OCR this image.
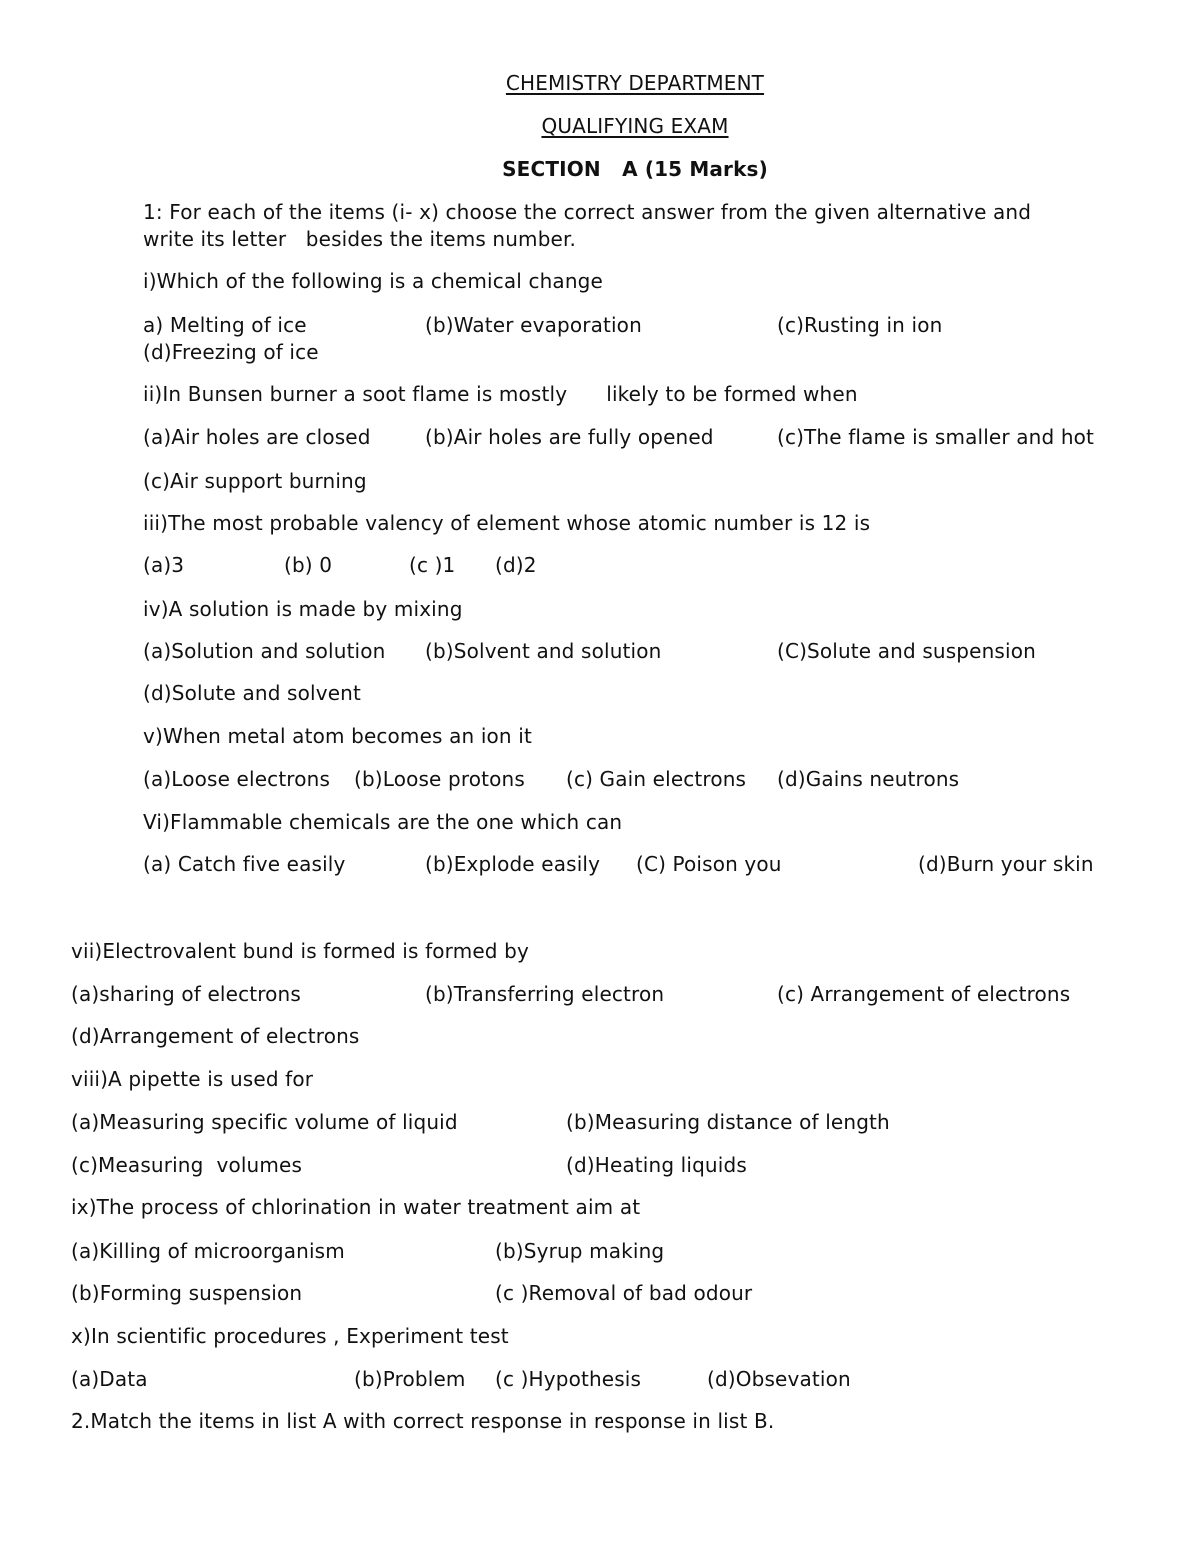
CHEMISTRY DEPARTMENT
QUALIFYING EXAM
SECTION   A (15 Marks)
1: For each of the items (i- x) choose the correct answer from the given alternative and
write its letter   besides the items number.
i)Which of the following is a chemical change
a) Melting of ice	(b)Water evaporation	(c)Rusting in ion
(d)Freezing of ice
ii)In Bunsen burner a soot flame is mostly      likely to be formed when
(a)Air holes are closed	(b)Air holes are fully opened	(c)The flame is smaller and hot
(c)Air support burning
iii)The most probable valency of element whose atomic number is 12 is
(a)3	(b) 0	(c )1 (d)2
iv)A solution is made by mixing
(a)Solution and solution (b)Solvent and solution	(C)Solute and suspension
(d)Solute and solvent
v)When metal atom becomes an ion it
(a)Loose electrons (b)Loose protons (c) Gain electrons (d)Gains neutrons
Vi)Flammable chemicals are the one which can
(a) Catch five easily	(b)Explode easily (C) Poison you	(d)Burn your skin
vii)Electrovalent bund is formed is formed by
(a)sharing of electrons	(b)Transferring electron	(c) Arrangement of electrons
(d)Arrangement of electrons
viii)A pipette is used for
(a)Measuring specific volume of liquid	(b)Measuring distance of length
(c)Measuring  volumes	(d)Heating liquids
ix)The process of chlorination in water treatment aim at
(a)Killing of microorganism	(b)Syrup making
(b)Forming suspension	(c )Removal of bad odour
x)In scientific procedures , Experiment test
(a)Data	(b)Problem (c )Hypothesis	(d)Obsevation
2.Match the items in list A with correct response in response in list B.
